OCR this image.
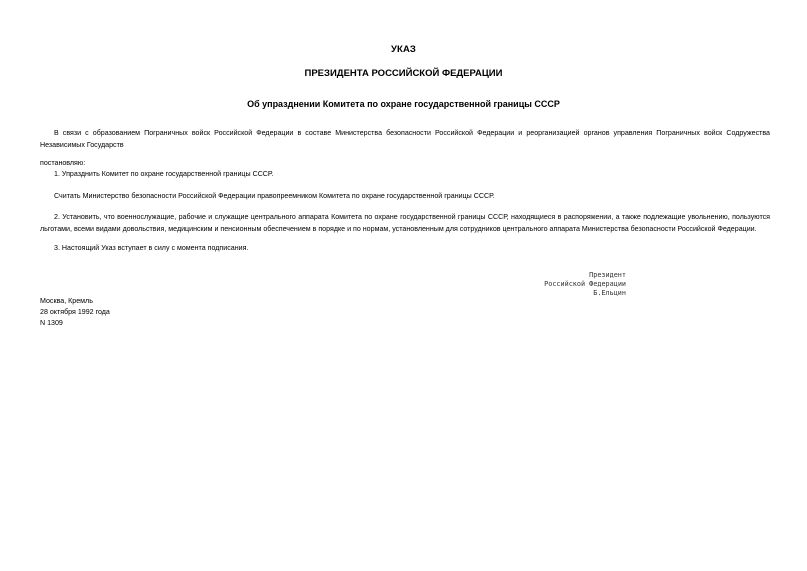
УКАЗ
ПРЕЗИДЕНТА РОССИЙСКОЙ ФЕДЕРАЦИИ
Об упразднении Комитета по охране государственной границы СССР
В связи с образованием Пограничных войск Российской Федерации в составе Министерства безопасности Российской Федерации и реорганизацией органов управления Пограничных войск Содружества Независимых Государств
постановляю:
1. Упразднить Комитет по охране государственной границы СССР.
Считать Министерство безопасности Российской Федерации правопреемником Комитета по охране государственной границы СССР.
2. Установить, что военнослужащие, рабочие и служащие центрального аппарата Комитета по охране государственной границы СССР, находящиеся в распоряжении, а также подлежащие увольнению, пользуются льготами, всеми видами довольствия, медицинским и пенсионным обеспечением в порядке и по нормам, установленным для сотрудников центрального аппарата Министерства безопасности Российской Федерации.
3. Настоящий Указ вступает в силу с момента подписания.
Президент
Российской Федерации
Б.Ельцин
Москва, Кремль
28 октября 1992 года
N 1309
